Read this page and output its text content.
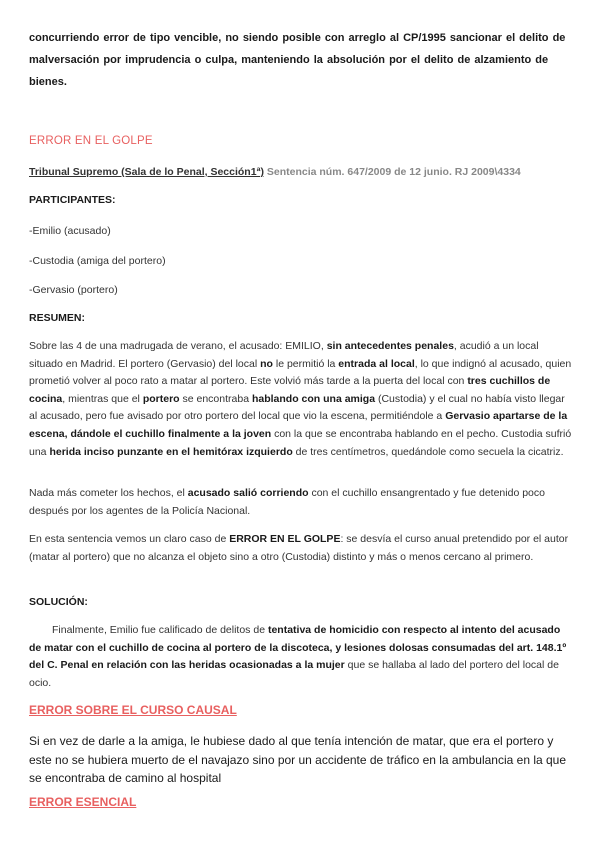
concurriendo error de tipo vencible, no siendo posible con arreglo al CP/1995 sancionar el delito de malversación por imprudencia o culpa, manteniendo la absolución por el delito de alzamiento de bienes.

ERROR EN EL GOLPE

Tribunal Supremo (Sala de lo Penal, Sección1ª) Sentencia núm. 647/2009 de 12 junio. RJ 2009\4334

PARTICIPANTES:

-Emilio (acusado)

-Custodia (amiga del portero)

-Gervasio (portero)

RESUMEN:

Sobre las 4 de una madrugada de verano, el acusado: EMILIO, sin antecedentes penales, acudió a un local situado en Madrid. El portero (Gervasio) del local no le permitió la entrada al local, lo que indignó al acusado, quien prometió volver al poco rato a matar al portero. Este volvió más tarde a la puerta del local con tres cuchillos de cocina, mientras que el portero se encontraba hablando con una amiga (Custodia) y el cual no había visto llegar al acusado, pero fue avisado por otro portero del local que vio la escena, permitiéndole a Gervasio apartarse de la escena, dándole el cuchillo finalmente a la joven con la que se encontraba hablando en el pecho. Custodia sufrió una herida inciso punzante en el hemitórax izquierdo de tres centímetros, quedándole como secuela la cicatriz.

Nada más cometer los hechos, el acusado salió corriendo con el cuchillo ensangrentado y fue detenido poco después por los agentes de la Policía Nacional.

En esta sentencia vemos un claro caso de ERROR EN EL GOLPE: se desvía el curso anual pretendido por el autor (matar al portero) que no alcanza el objeto sino a otro (Custodia) distinto y más o menos cercano al primero.

SOLUCIÓN:

Finalmente, Emilio fue calificado de delitos de tentativa de homicidio con respecto al intento del acusado de matar con el cuchillo de cocina al portero de la discoteca, y lesiones dolosas consumadas del art. 148.1º del C. Penal en relación con las heridas ocasionadas a la mujer que se hallaba al lado del portero del local de ocio.

ERROR SOBRE EL CURSO CAUSAL

Si en vez de darle a la amiga, le hubiese dado al que tenía intención de matar, que era el portero y este no se hubiera muerto de el navajazo sino por un accidente de tráfico en la ambulancia en la que se encontraba de camino al hospital

ERROR ESENCIAL
